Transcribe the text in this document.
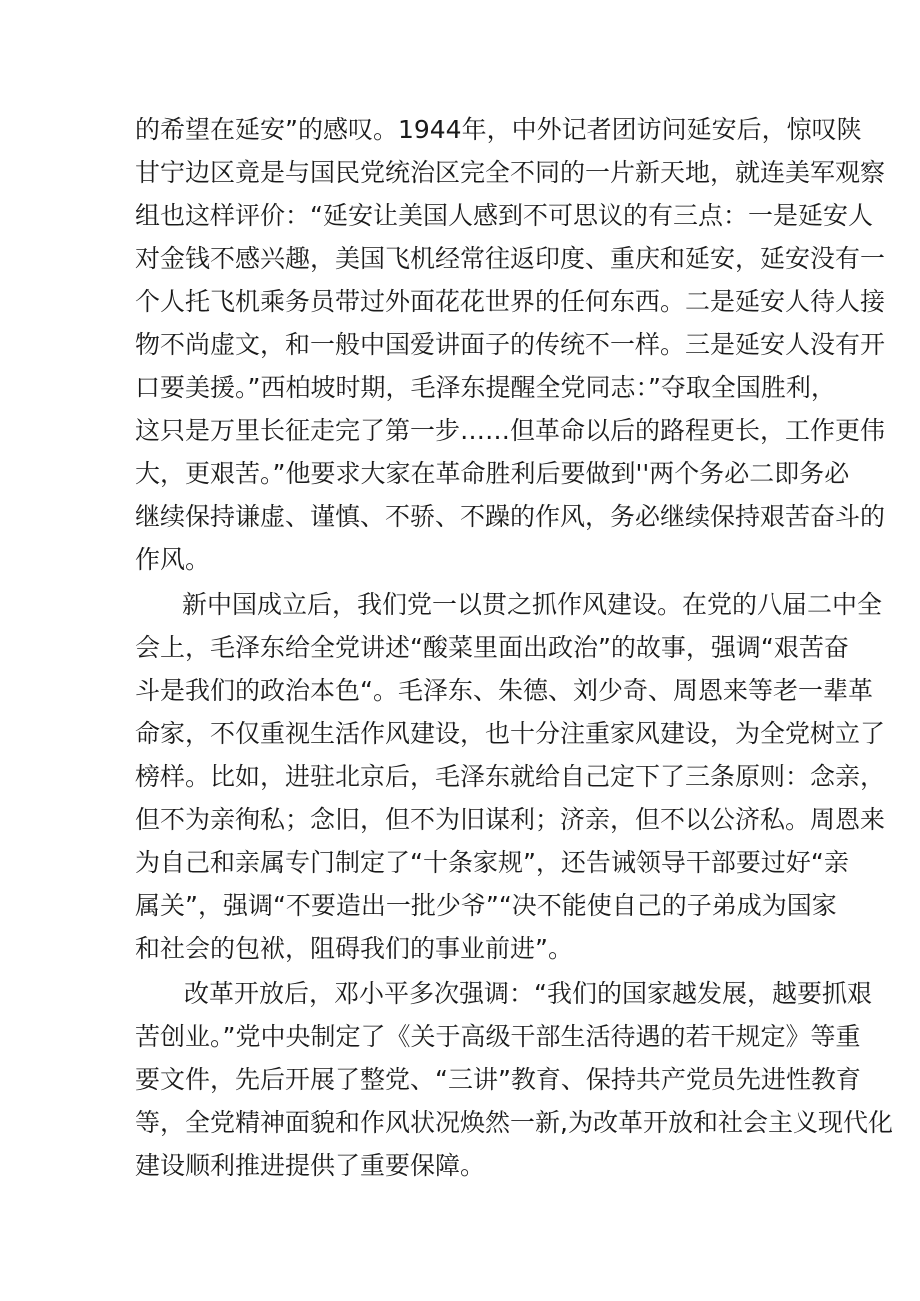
的希望在延安”的感叹。1944年，中外记者团访问延安后，惊叹陕

甘宁边区竟是与国民党统治区完全不同的一片新天地，就连美军观察

组也这样评价：“延安让美国人感到不可思议的有三点：一是延安人

对金钱不感兴趣，美国飞机经常往返印度、重庆和延安，延安没有一

个人托飞机乘务员带过外面花花世界的任何东西。二是延安人待人接

物不尚虚文，和一般中国爱讲面子的传统不一样。三是延安人没有开

口要美援。”西柏坡时期，毛泽东提醒全党同志：”夺取全国胜利，

这只是万里长征走完了第一步……但革命以后的路程更长，工作更伟

大，更艰苦。”他要求大家在革命胜利后要做到''两个务必二即务必

继续保持谦虚、谨慎、不骄、不躁的作风，务必继续保持艰苦奋斗的

作风。

新中国成立后，我们党一以贯之抓作风建设。在党的八届二中全

会上，毛泽东给全党讲述“酸菜里面出政治”的故事，强调“艰苦奋

斗是我们的政治本色“。毛泽东、朱德、刘少奇、周恩来等老一辈革

命家，不仅重视生活作风建设，也十分注重家风建设，为全党树立了

榜样。比如，进驻北京后，毛泽东就给自己定下了三条原则：念亲，

但不为亲徇私；念旧，但不为旧谋利；济亲，但不以公济私。周恩来

为自己和亲属专门制定了“十条家规”，还告诫领导干部要过好“亲

属关”，强调“不要造出一批少爷”“决不能使自己的子弟成为国家

和社会的包袱，阻碍我们的事业前进”。

改革开放后，邓小平多次强调：“我们的国家越发展，越要抓艰

苦创业。”党中央制定了《关于高级干部生活待遇的若干规定》等重

要文件，先后开展了整党、“三讲”教育、保持共产党员先进性教育

等，全党精神面貌和作风状况焕然一新,为改革开放和社会主义现代化

建设顺利推进提供了重要保障。
